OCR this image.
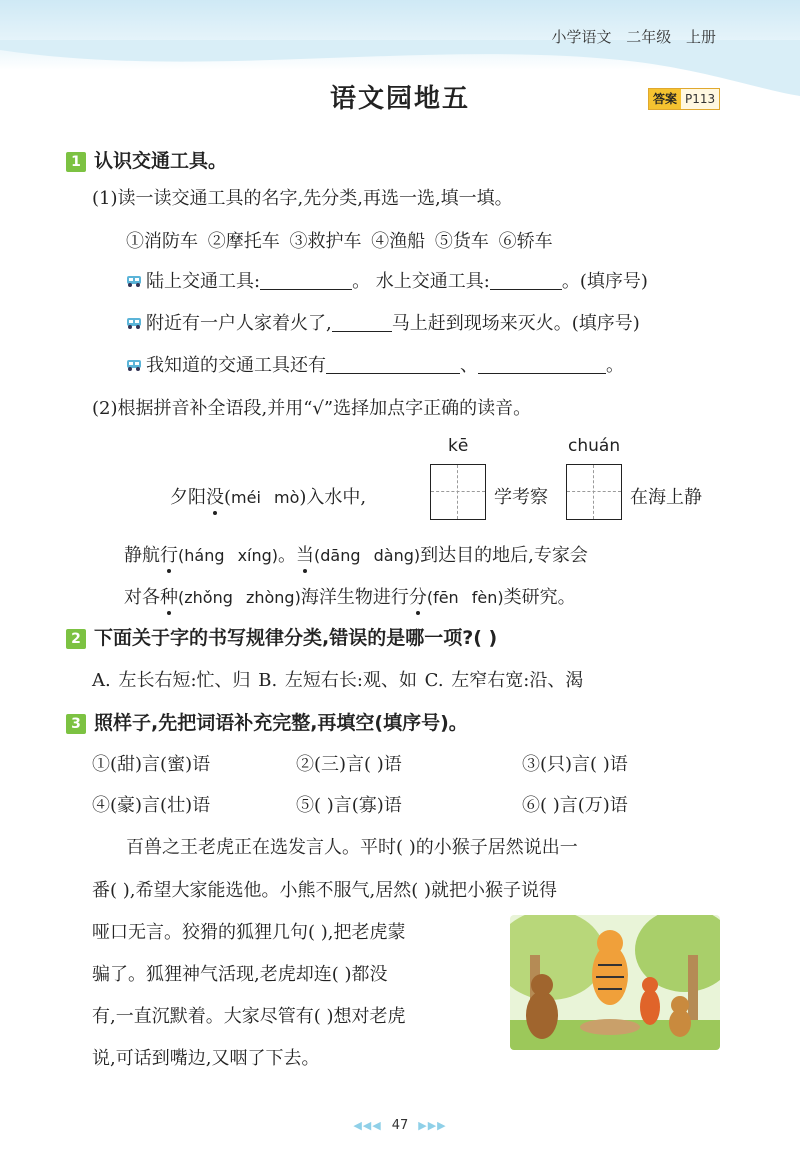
小学语文 二年级 上册
语文园地五	答案 P113
1 认识交通工具。
(1)读一读交通工具的名字,先分类,再选一选,填一填。
①消防车 ②摩托车 ③救护车 ④渔船 ⑤货车 ⑥轿车
陆上交通工具:	。 水上交通工具:	。(填序号)
附近有一户人家着火了,	马上赶到现场来灭火。(填序号)
我知道的交通工具还有	、	。
(2)根据拼音补全语段,并用“√”选择加点字正确的读音。
kē	chuán
夕阳没(méi mò)入水中,	学考察	在海上静
静航行(háng xíng)。当(dāng dàng)到达目的地后,专家会
对各种(zhǒng zhòng)海洋生物进行分(fēn fèn)类研究。
2 下面关于字的书写规律分类,错误的是哪一项?( )
A. 左长右短:忙、归 B. 左短右长:观、如 C. 左窄右宽:沿、渴
3 照样子,先把词语补充完整,再填空(填序号)。
①(甜)言(蜜)语	②(三)言( )语	③(只)言( )语
④(豪)言(壮)语	⑤( )言(寡)语	⑥( )言(万)语
百兽之王老虎正在选发言人。平时( )的小猴子居然说出一
番( ),希望大家能选他。小熊不服气,居然( )就把小猴子说得
哑口无言。狡猾的狐狸几句( ),把老虎蒙
骗了。狐狸神气活现,老虎却连( )都没
有,一直沉默着。大家尽管有( )想对老虎
说,可话到嘴边,又咽了下去。
◀◀◀ 47 ▶▶▶
